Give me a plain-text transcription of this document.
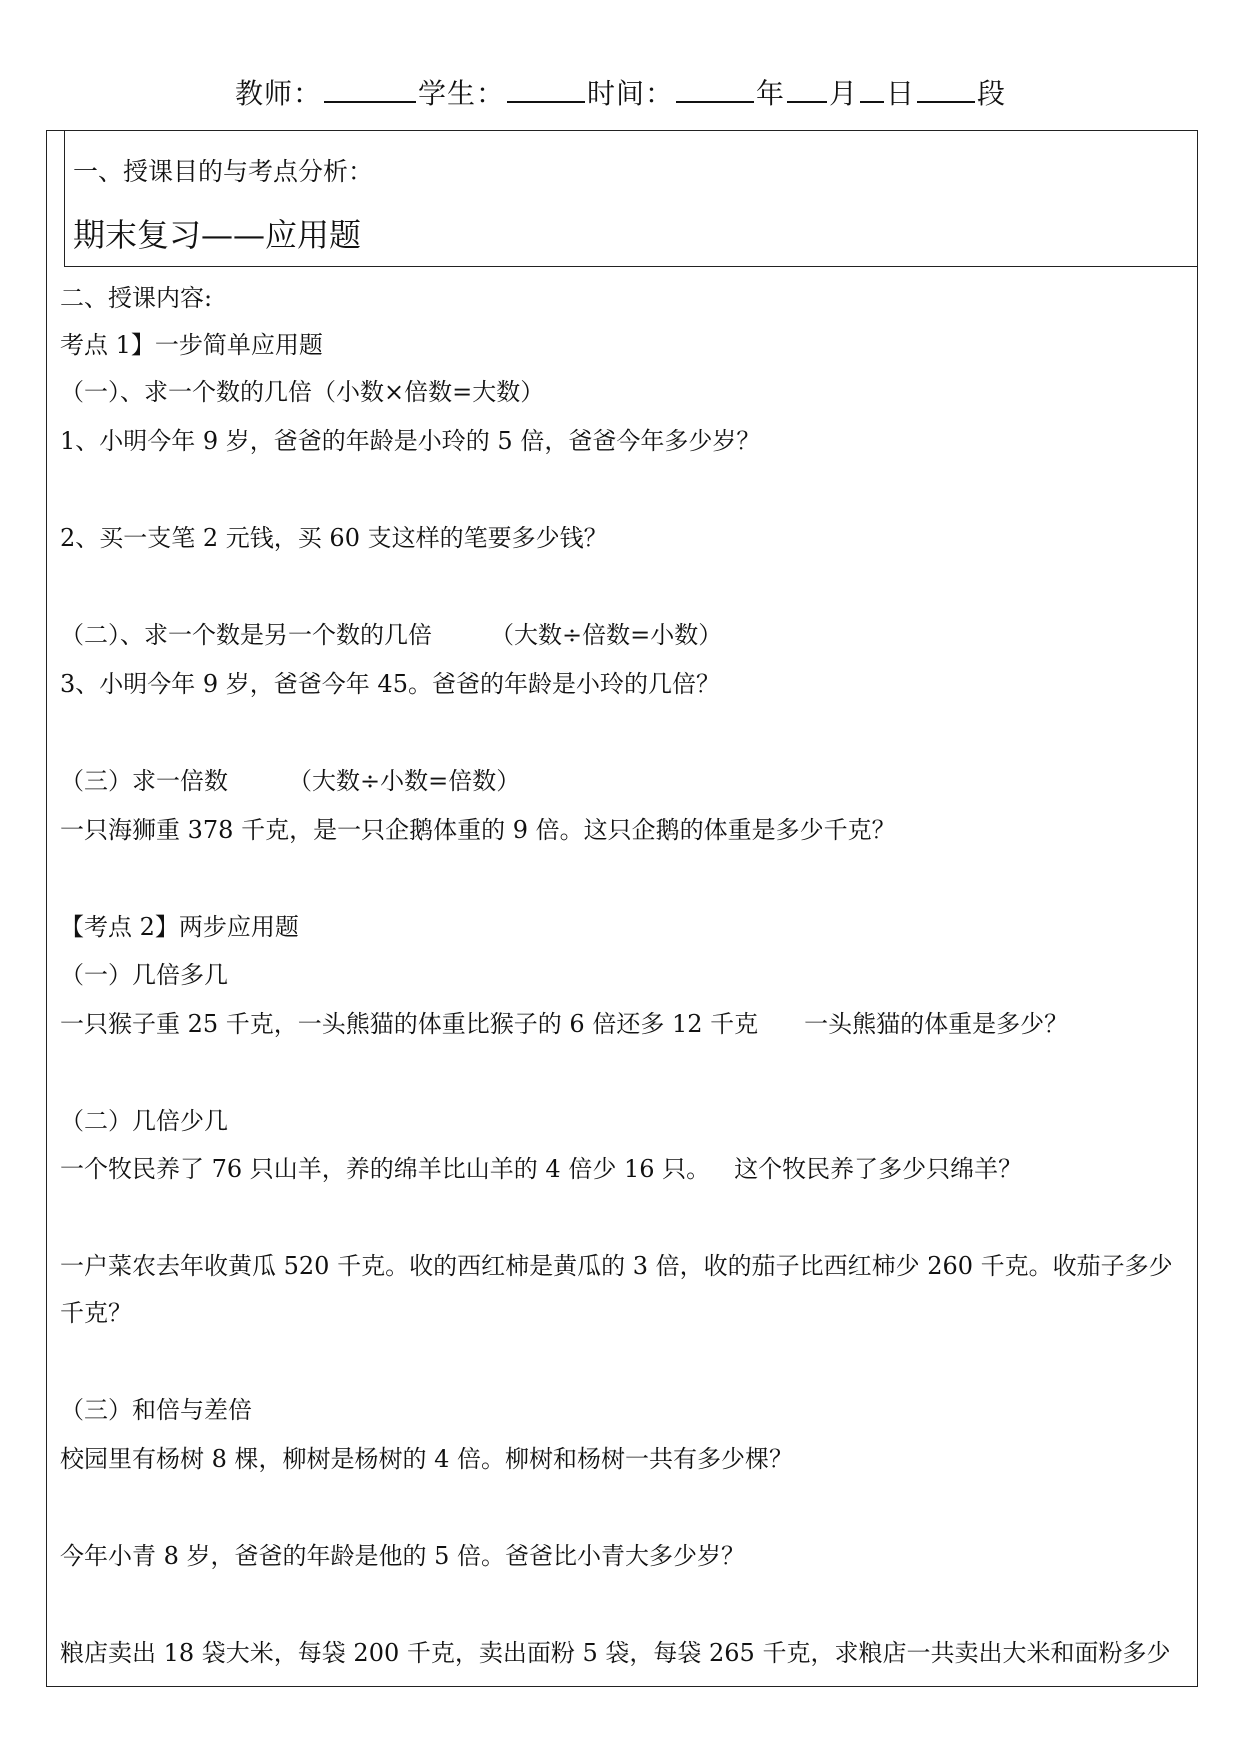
教师：	学生：	时间：	年 月 日 段
一、授课目的与考点分析：
期末复习——应用题
二、授课内容:
考点 1】一步简单应用题
（一）、求一个数的几倍（小数×倍数=大数）
1、小明今年 9 岁，爸爸的年龄是小玲的 5 倍，爸爸今年多少岁？
2、买一支笔 2 元钱，买 60 支这样的笔要多少钱？
（二）、求一个数是另一个数的几倍 （大数÷倍数=小数）
3、小明今年 9 岁，爸爸今年 45。爸爸的年龄是小玲的几倍？
（三）求一倍数	（大数÷小数=倍数）
一只海狮重 378 千克，是一只企鹅体重的 9 倍。这只企鹅的体重是多少千克？
【考点 2】两步应用题
（一）几倍多几
一只猴子重 25 千克，一头熊猫的体重比猴子的 6 倍还多 12 千克 一头熊猫的体重是多少？
（二）几倍少几
一个牧民养了 76 只山羊，养的绵羊比山羊的 4 倍少 16 只。 这个牧民养了多少只绵羊？
一户菜农去年收黄瓜 520 千克。收的西红柿是黄瓜的 3 倍，收的茄子比西红柿少 260 千克。收茄子多少
千克？
（三）和倍与差倍
校园里有杨树 8 棵，柳树是杨树的 4 倍。柳树和杨树一共有多少棵？
今年小青 8 岁，爸爸的年龄是他的 5 倍。爸爸比小青大多少岁？
粮店卖出 18 袋大米，每袋 200 千克，卖出面粉 5 袋，每袋 265 千克，求粮店一共卖出大米和面粉多少
